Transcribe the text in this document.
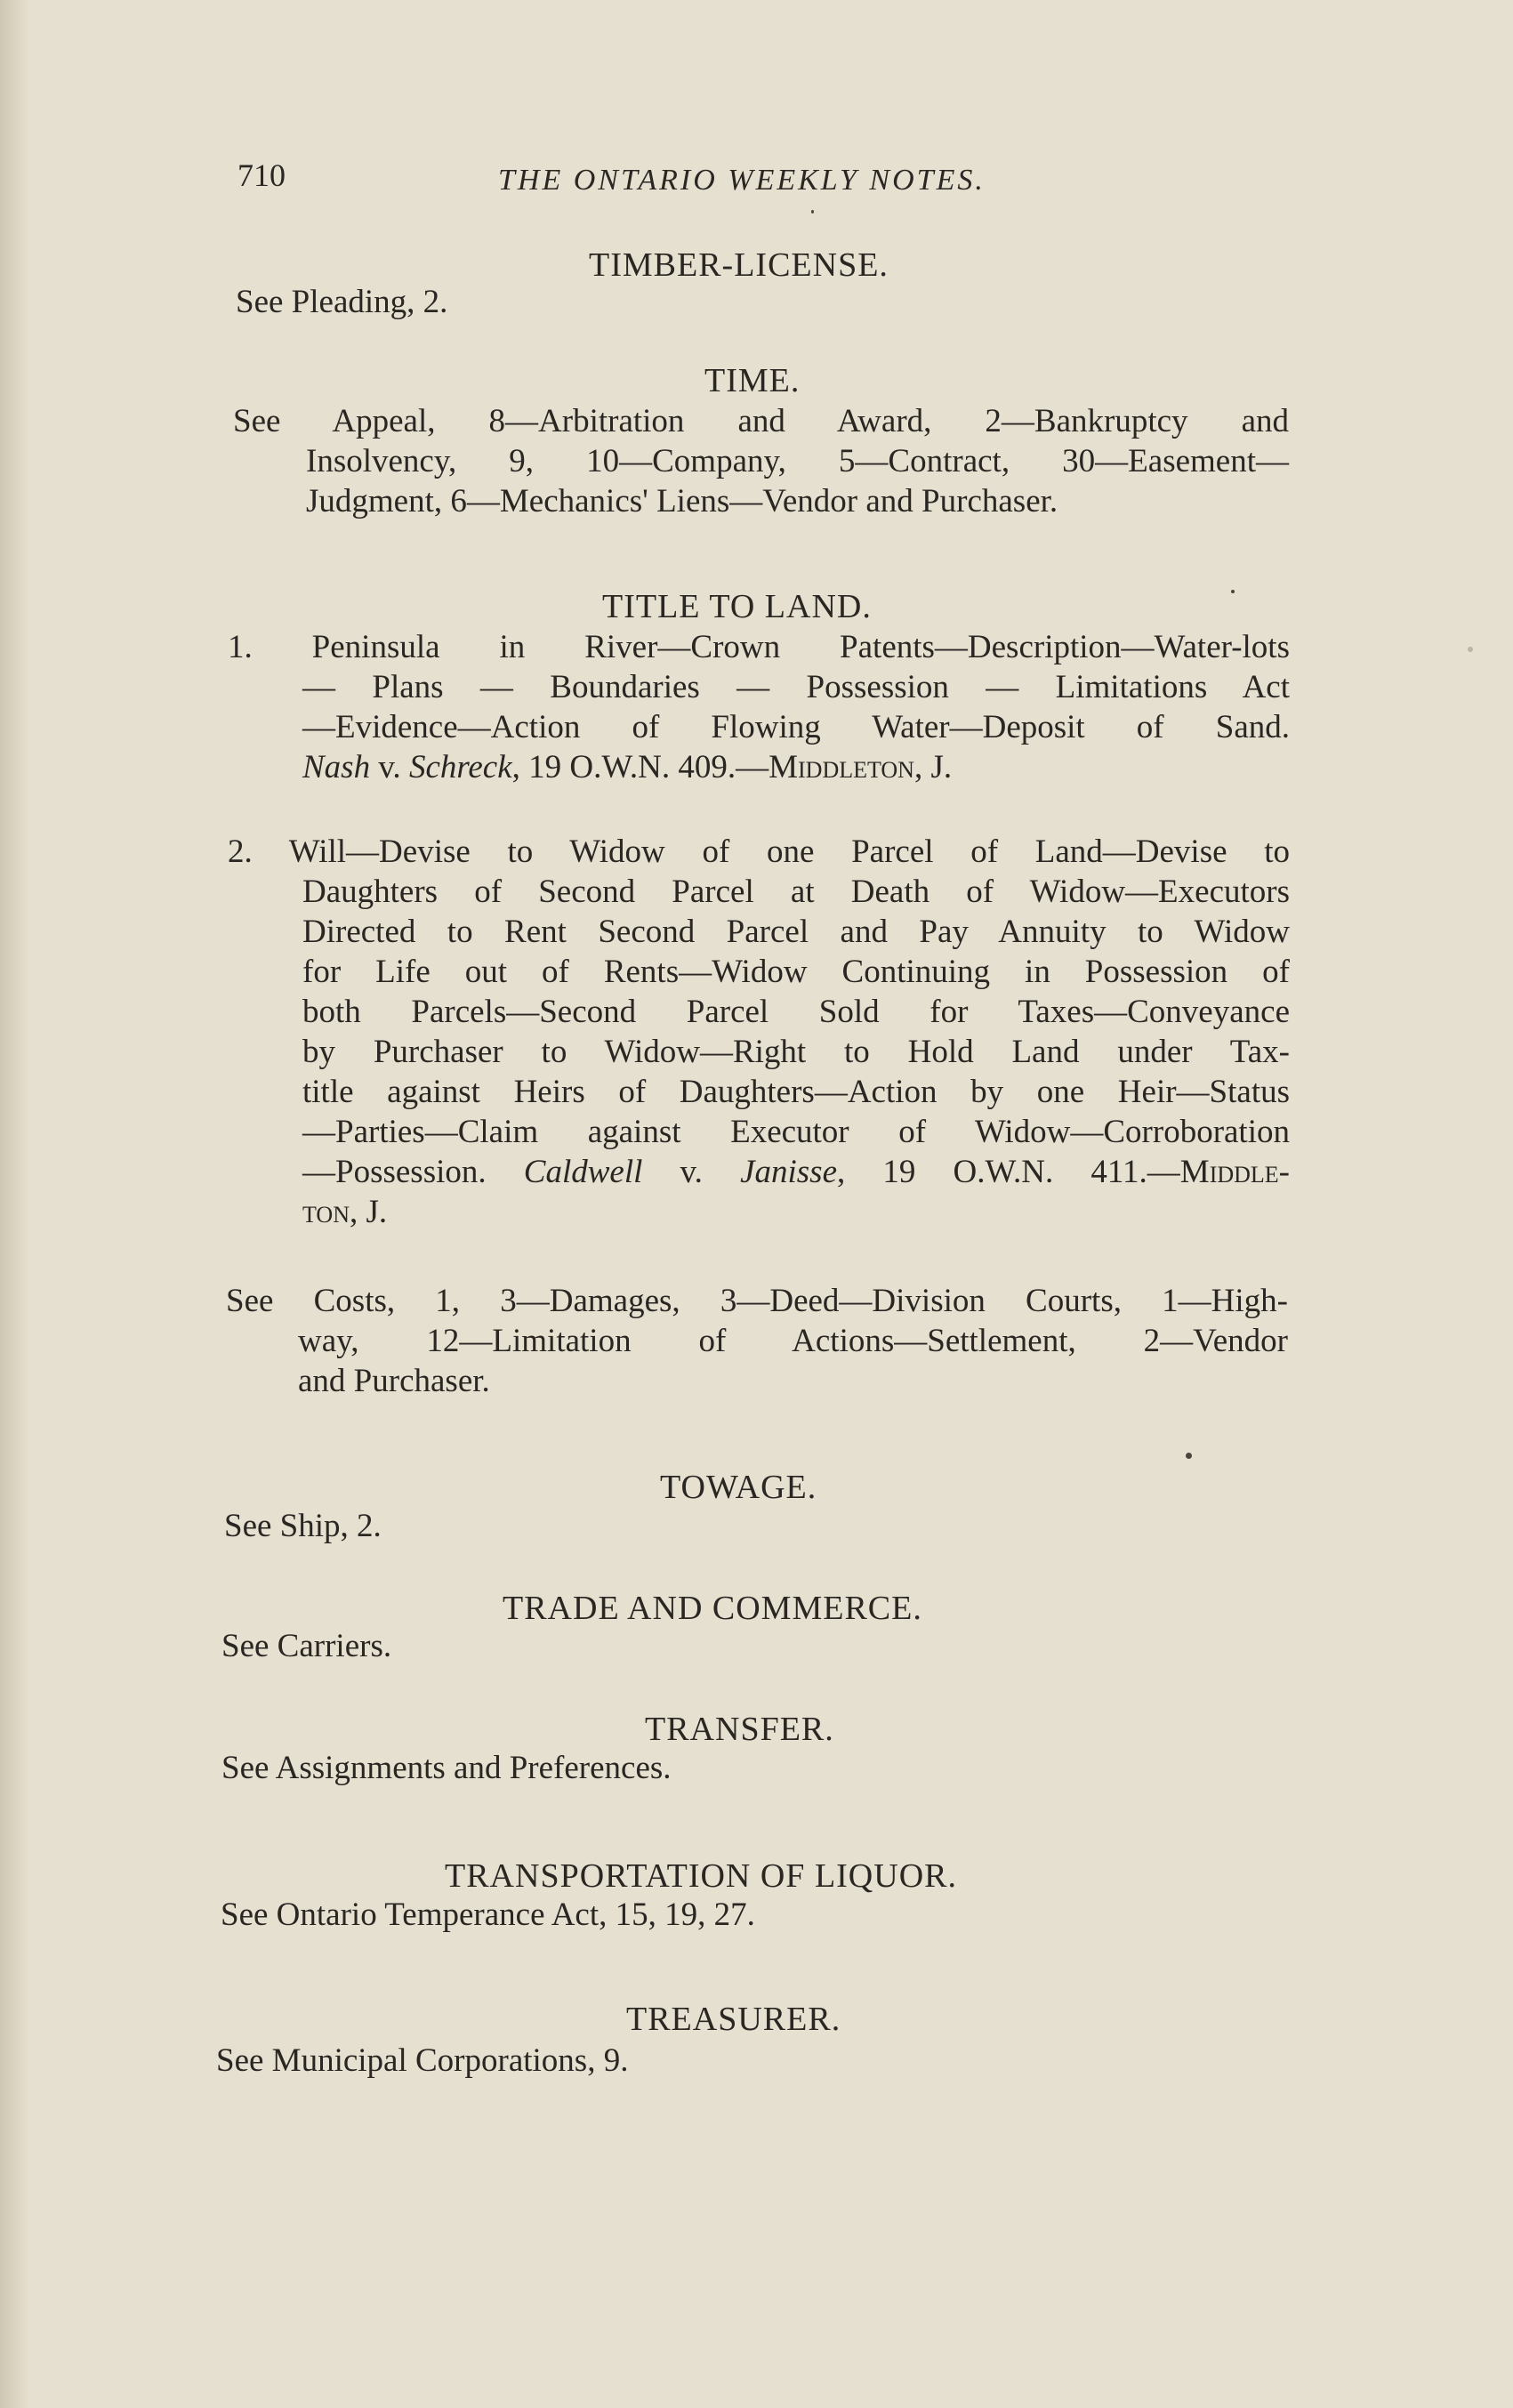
710	THE ONTARIO WEEKLY NOTES.
TIMBER-LICENSE.
See Pleading, 2.
TIME.
See Appeal, 8—Arbitration and Award, 2—Bankruptcy and
Insolvency, 9, 10—Company, 5—Contract, 30—Easement—
Judgment, 6—Mechanics' Liens—Vendor and Purchaser.
TITLE TO LAND.
1. Peninsula in River—Crown Patents—Description—Water-lots
— Plans — Boundaries — Possession — Limitations Act
—Evidence—Action of Flowing Water—Deposit of Sand.
Nash v. Schreck, 19 O.W.N. 409.—Middleton, J.
2. Will—Devise to Widow of one Parcel of Land—Devise to
Daughters of Second Parcel at Death of Widow—Executors
Directed to Rent Second Parcel and Pay Annuity to Widow
for Life out of Rents—Widow Continuing in Possession of
both Parcels—Second Parcel Sold for Taxes—Conveyance
by Purchaser to Widow—Right to Hold Land under Tax-
title against Heirs of Daughters—Action by one Heir—Status
—Parties—Claim against Executor of Widow—Corroboration
—Possession. Caldwell v. Janisse, 19 O.W.N. 411.—Middle-
ton, J.
See Costs, 1, 3—Damages, 3—Deed—Division Courts, 1—High-
way, 12—Limitation of Actions—Settlement, 2—Vendor
and Purchaser.
TOWAGE.
See Ship, 2.
TRADE AND COMMERCE.
See Carriers.
TRANSFER.
See Assignments and Preferences.
TRANSPORTATION OF LIQUOR.
See Ontario Temperance Act, 15, 19, 27.
TREASURER.
See Municipal Corporations, 9.
